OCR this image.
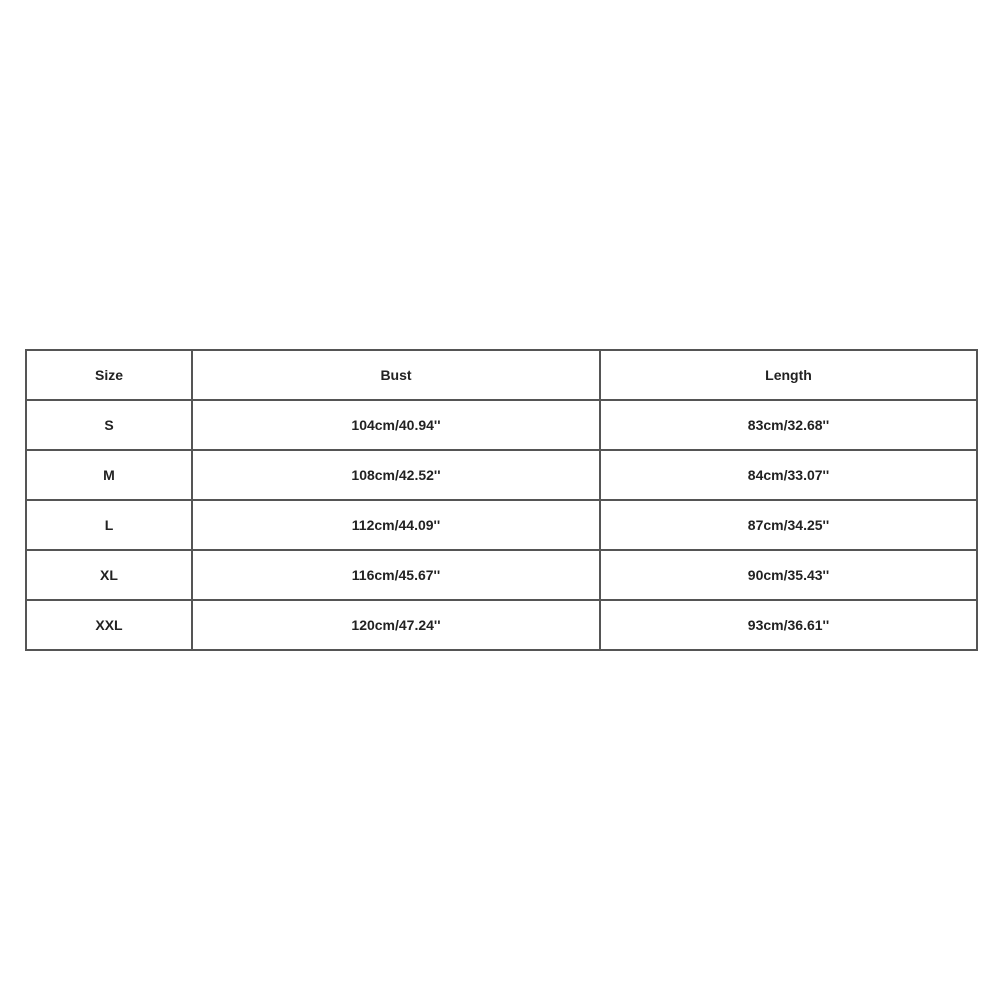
Size	Bust	Length
S	104cm/40.94''	83cm/32.68''
M	108cm/42.52''	84cm/33.07''
L	112cm/44.09''	87cm/34.25''
XL	116cm/45.67''	90cm/35.43''
XXL	120cm/47.24''	93cm/36.61''
